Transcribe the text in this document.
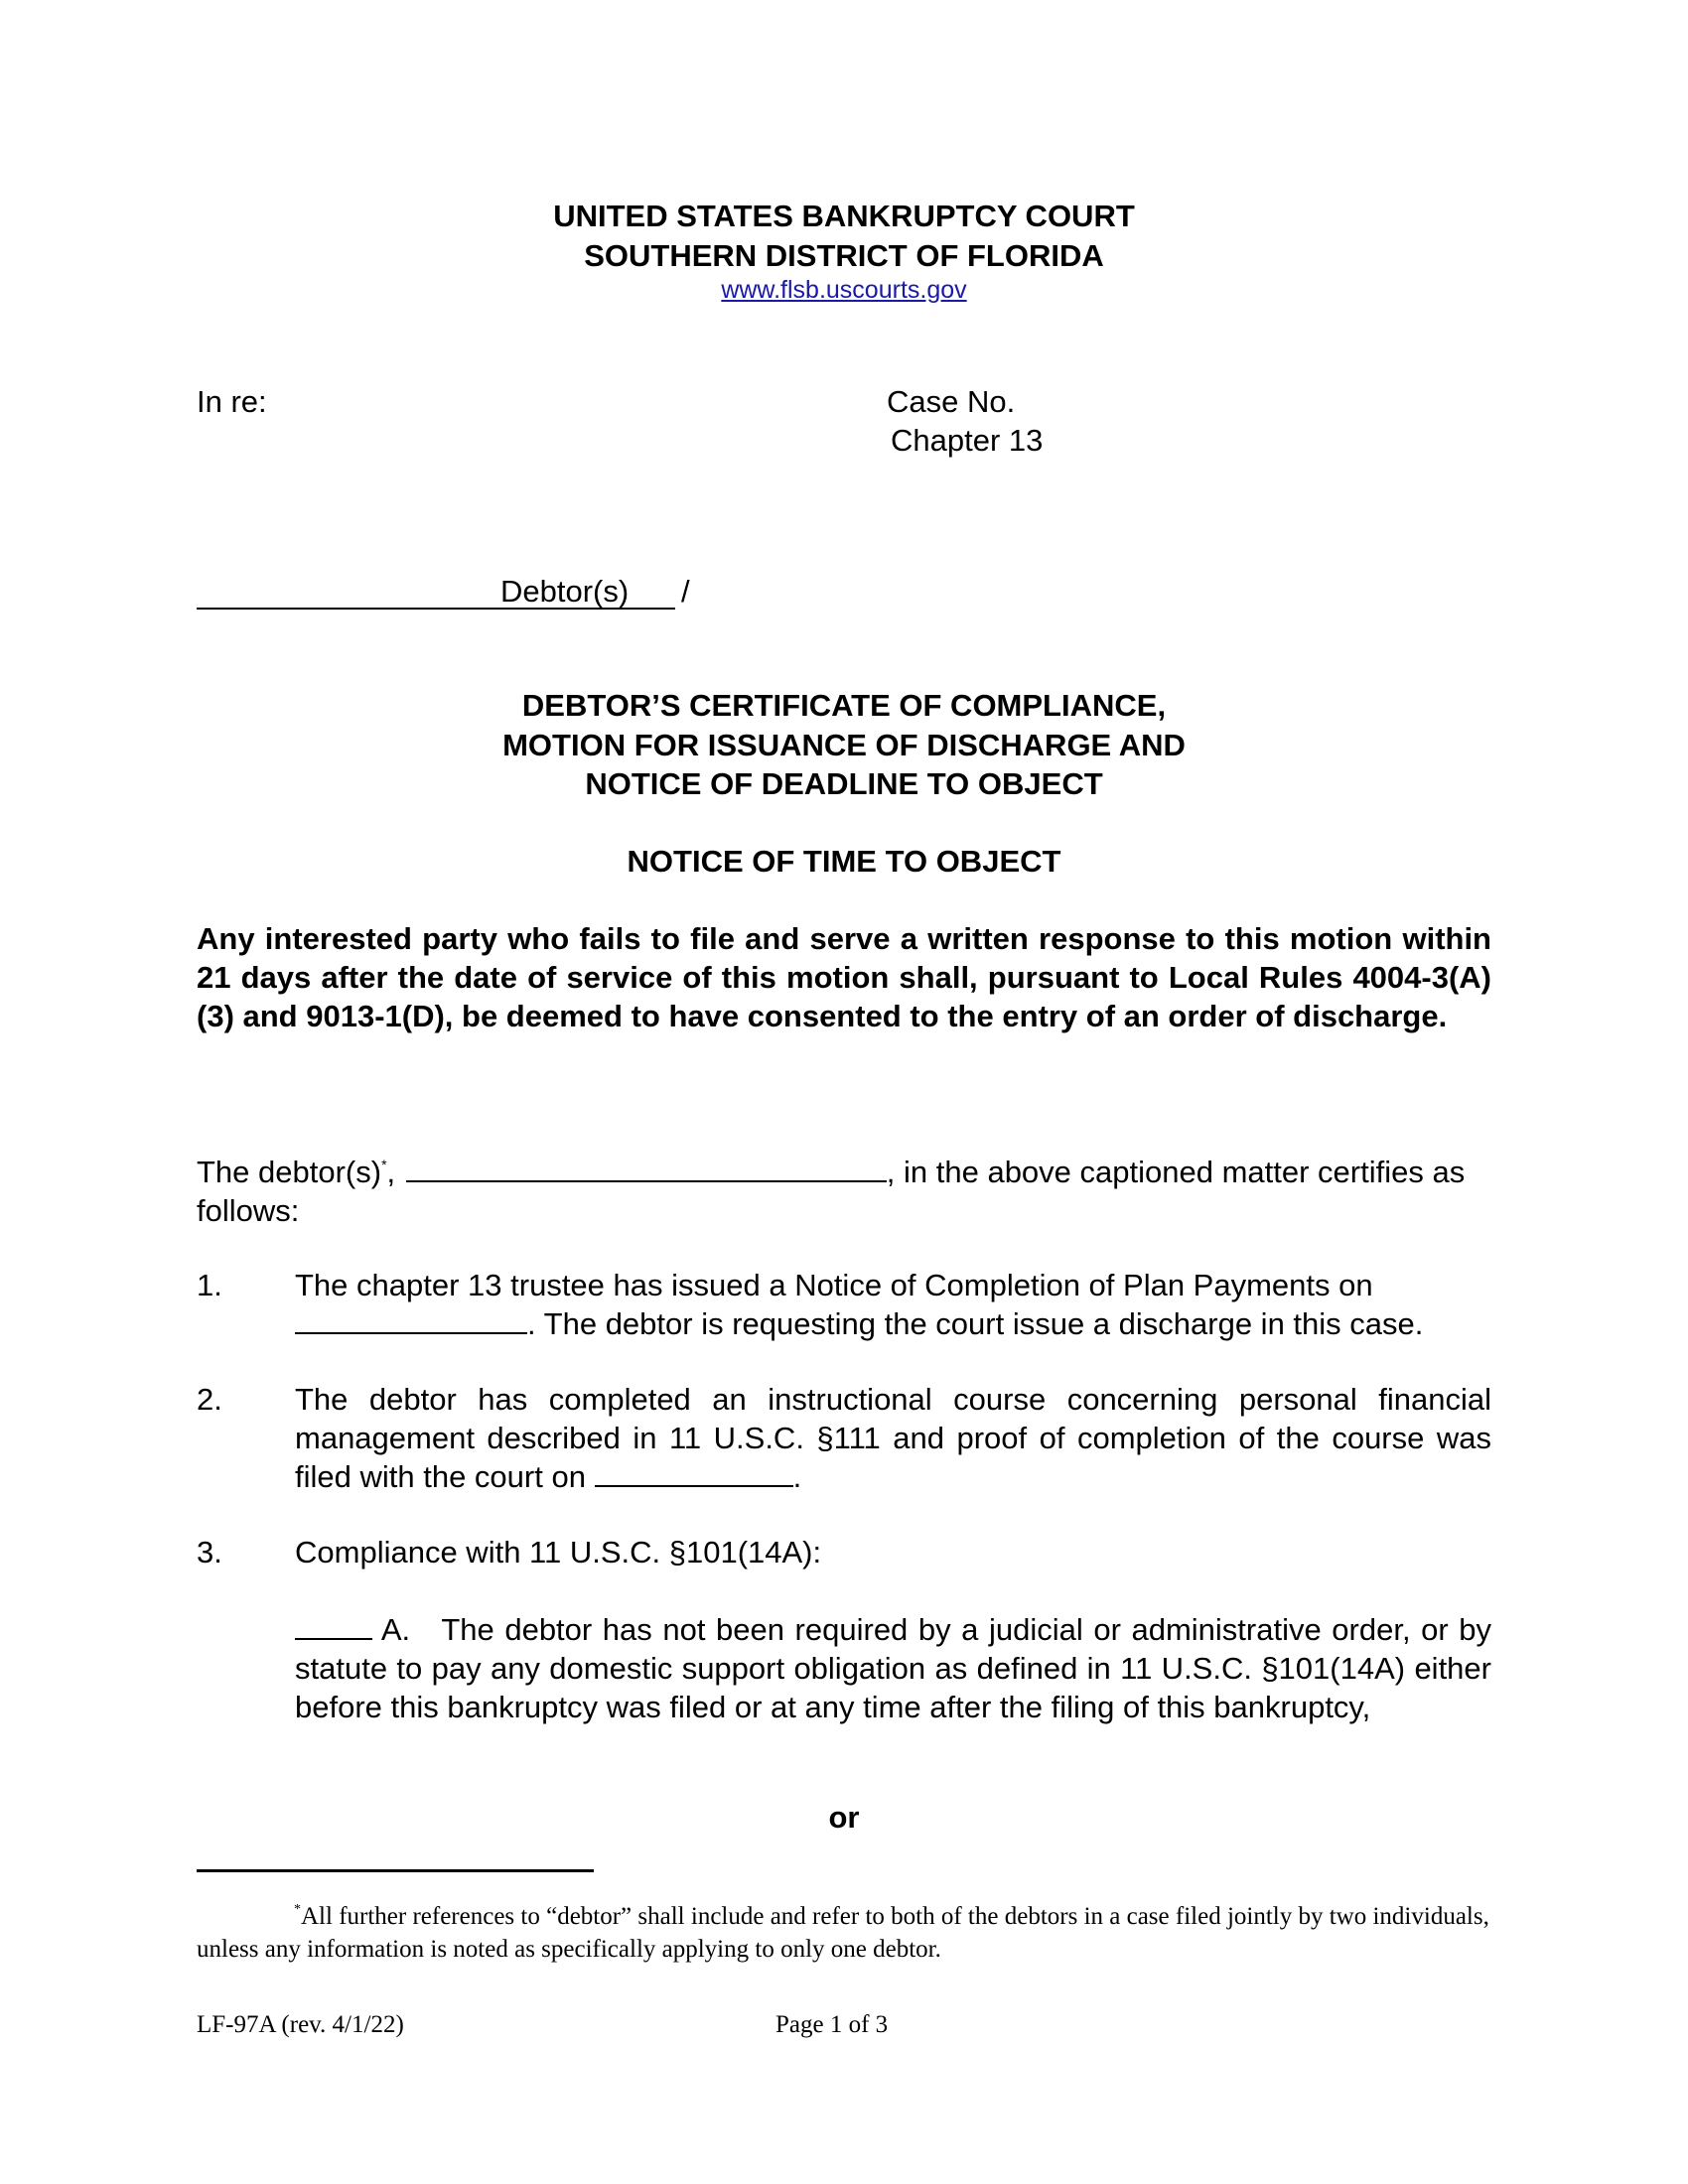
UNITED STATES BANKRUPTCY COURT
SOUTHERN DISTRICT OF FLORIDA
www.flsb.uscourts.gov
In re:	Case No.
Chapter 13
Debtor(s) /
DEBTOR’S CERTIFICATE OF COMPLIANCE,
MOTION FOR ISSUANCE OF DISCHARGE AND
NOTICE OF DEADLINE TO OBJECT
NOTICE OF TIME TO OBJECT
Any interested party who fails to file and serve a written response to this motion within 21 days after the date of service of this motion shall, pursuant to Local Rules 4004-3(A)(3) and 9013-1(D), be deemed to have consented to the entry of an order of discharge.
The debtor(s)*,	, in the above captioned matter certifies as follows:
1. The chapter 13 trustee has issued a Notice of Completion of Plan Payments on
. The debtor is requesting the court issue a discharge in this case.
2. The debtor has completed an instructional course concerning personal financial management described in 11 U.S.C. §111 and proof of completion of the course was filed with the court on	.
3. Compliance with 11 U.S.C. §101(14A):
A. The debtor has not been required by a judicial or administrative order, or by statute to pay any domestic support obligation as defined in 11 U.S.C. §101(14A) either before this bankruptcy was filed or at any time after the filing of this bankruptcy,
or
*All further references to “debtor” shall include and refer to both of the debtors in a case filed jointly by two individuals, unless any information is noted as specifically applying to only one debtor.
LF-97A (rev. 4/1/22)	Page 1 of 3
